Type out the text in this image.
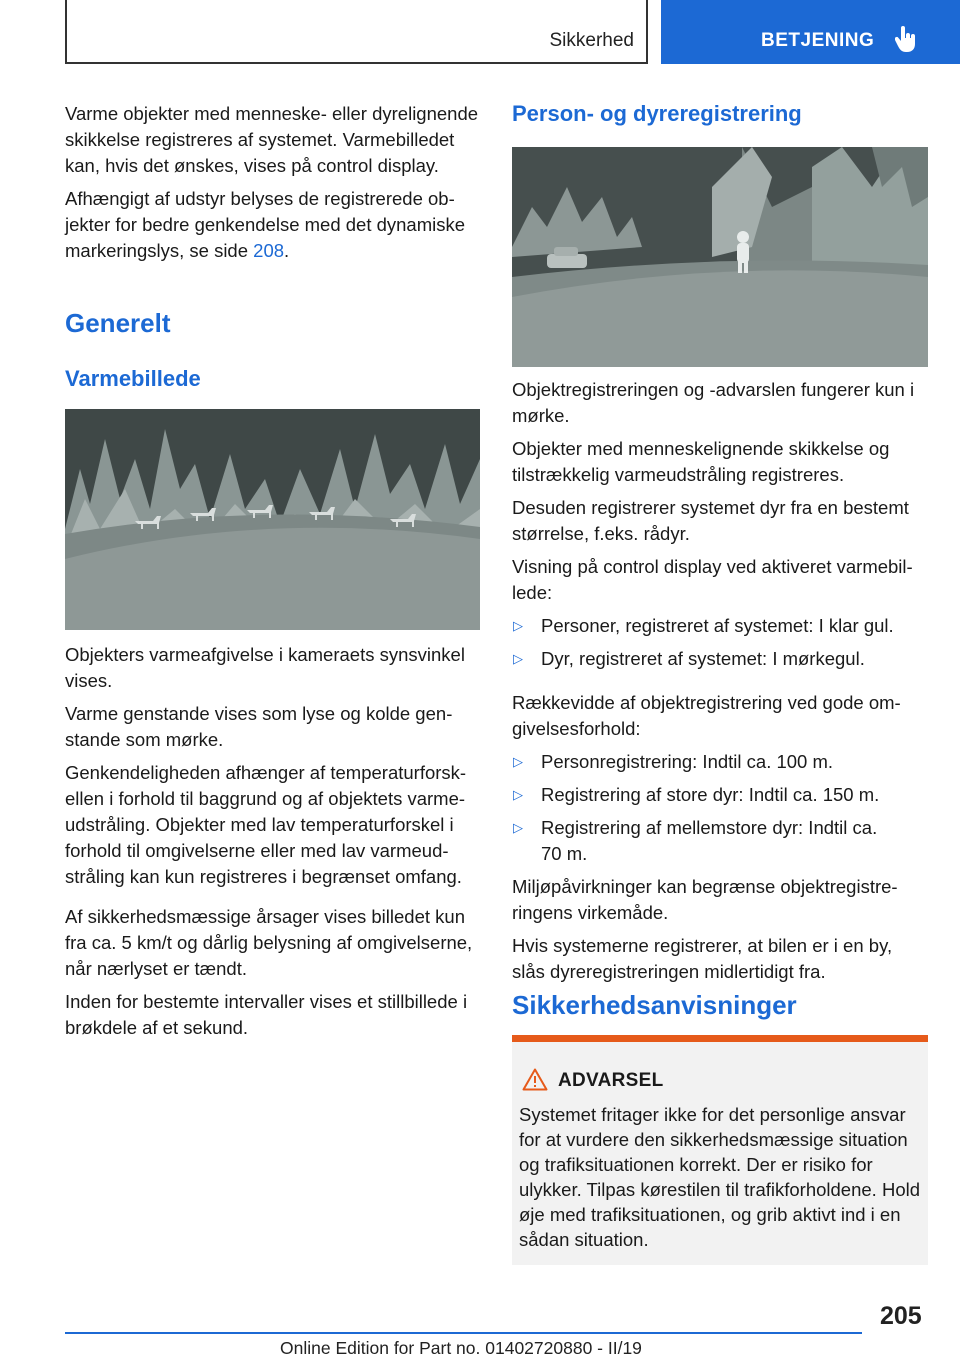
Sikkerhed	BETJENING

Varme objekter med menneske- eller dyrelignende skikkelse registreres af systemet. Varmebilledet kan, hvis det ønskes, vises på control display.

Afhængigt af udstyr belyses de registrerede objekter for bedre genkendelse med det dynamiske markeringslys, se side 208.

Generelt
Varmebillede

Objekters varmeafgivelse i kameraets synsvinkel vises.

Varme genstande vises som lyse og kolde genstande som mørke.

Genkendeligheden afhænger af temperaturforskellen i forhold til baggrund og af objektets varmeudstråling. Objekter med lav temperaturforskel i forhold til omgivelserne eller med lav varmeudstråling kan kun registreres i begrænset omfang.

Af sikkerhedsmæssige årsager vises billedet kun fra ca. 5 km/t og dårlig belysning af omgivelserne, når nærlyset er tændt.

Inden for bestemte intervaller vises et stillbillede i brøkdele af et sekund.

Person- og dyreregistrering

Objektregistreringen og -advarslen fungerer kun i mørke.

Objekter med menneskelignende skikkelse og tilstrækkelig varmeudstråling registreres.

Desuden registrerer systemet dyr fra en bestemt størrelse, f.eks. rådyr.

Visning på control display ved aktiveret varmebillede:

▷ Personer, registreret af systemet: I klar gul.
▷ Dyr, registreret af systemet: I mørkegul.

Rækkevidde af objektregistrering ved gode omgivelsesforhold:

▷ Personregistrering: Indtil ca. 100 m.
▷ Registrering af store dyr: Indtil ca. 150 m.
▷ Registrering af mellemstore dyr: Indtil ca. 70 m.

Miljøpåvirkninger kan begrænse objektregistreringens virkemåde.

Hvis systemerne registrerer, at bilen er i en by, slås dyreregistreringen midlertidigt fra.

Sikkerhedsanvisninger
ADVARSEL
Systemet fritager ikke for det personlige ansvar for at vurdere den sikkerhedsmæssige situation og trafiksituationen korrekt. Der er risiko for ulykker. Tilpas kørestilen til trafikforholdene. Hold øje med trafiksituationen, og grib aktivt ind i en sådan situation.
205
Online Edition for Part no. 01402720880 - II/19
